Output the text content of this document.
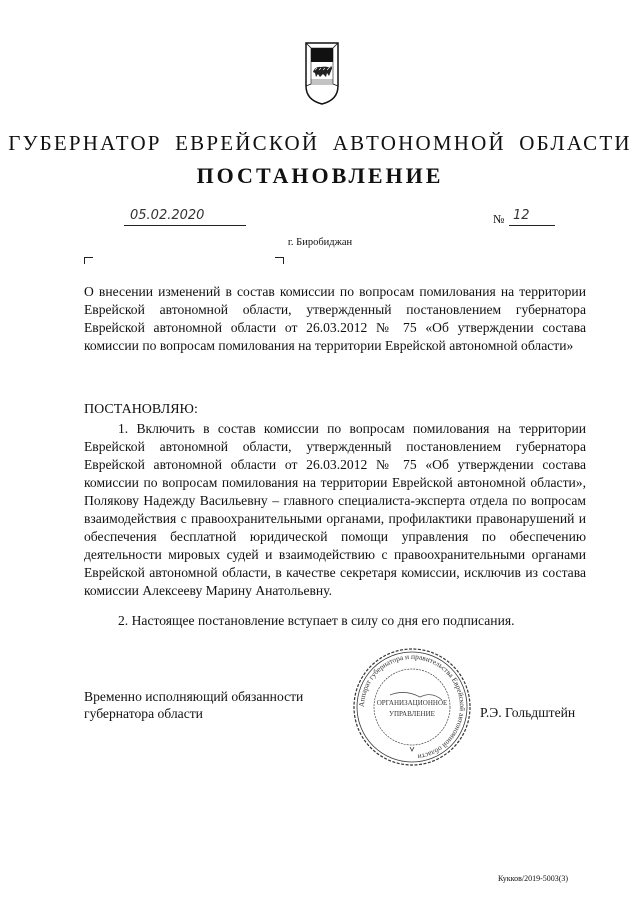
ГУБЕРНАТОР ЕВРЕЙСКОЙ АВТОНОМНОЙ ОБЛАСТИ
ПОСТАНОВЛЕНИЕ
05.02.2020	№ 12
г. Биробиджан
О внесении изменений в состав комиссии по вопросам помилования на территории Еврейской автономной области, утвержденный постановлением губернатора Еврейской автономной области от 26.03.2012 № 75 «Об утверждении состава комиссии по вопросам помилования на территории Еврейской автономной области»
ПОСТАНОВЛЯЮ:
1. Включить в состав комиссии по вопросам помилования на территории Еврейской автономной области, утвержденный постановлением губернатора Еврейской автономной области от 26.03.2012 № 75 «Об утверждении состава комиссии по вопросам помилования на территории Еврейской автономной области», Полякову Надежду Васильевну – главного специалиста-эксперта отдела по вопросам взаимодействия с правоохранительными органами, профилактики правонарушений и обеспечения бесплатной юридической помощи управления по обеспечению деятельности мировых судей и взаимодействию с правоохранительными органами Еврейской автономной области, в качестве секретаря комиссии, исключив из состава комиссии Алексееву Марину Анатольевну.
2. Настоящее постановление вступает в силу со дня его подписания.
Временно исполняющий обязанности
губернатора области
Аппарат губернатора и правительства Еврейской автономной области
ОРГАНИЗАЦИОННОЕ
УПРАВЛЕНИЕ	Р.Э. Гольдштейн
Кукков/2019-5003(3)
